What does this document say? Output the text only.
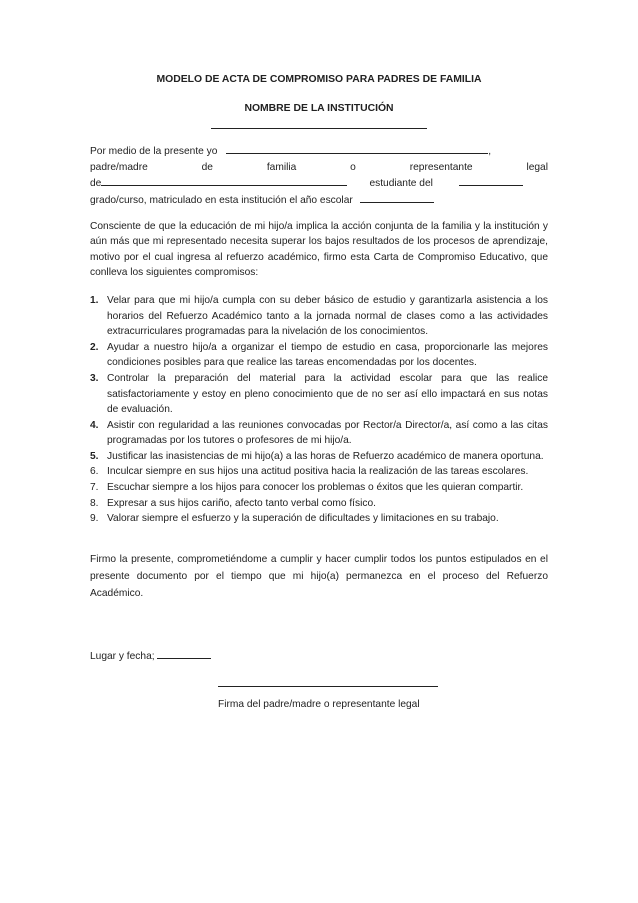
MODELO DE ACTA DE COMPROMISO PARA PADRES DE FAMILIA

NOMBRE DE LA INSTITUCIÓN

Por medio de la presente yo	,

padre/madre de familia o representante legal

de	estudiante del

grado/curso, matriculado en esta institución el año escolar

Consciente de que la educación de mi hijo/a implica la acción conjunta de la familia y la institución y aún más que mi representado necesita superar los bajos resultados de los procesos de aprendizaje, motivo por el cual ingresa al refuerzo académico, firmo esta Carta de Compromiso Educativo, que conlleva los siguientes compromisos:

1. Velar para que mi hijo/a cumpla con su deber básico de estudio y garantizarla asistencia a los horarios del Refuerzo Académico tanto a la jornada normal de clases como a las actividades extracurriculares programadas para la nivelación de los conocimientos.
2. Ayudar a nuestro hijo/a a organizar el tiempo de estudio en casa, proporcionarle las mejores condiciones posibles para que realice las tareas encomendadas por los docentes.
3. Controlar la preparación del material para la actividad escolar para que las realice satisfactoriamente y estoy en pleno conocimiento que de no ser así ello impactará en sus notas de evaluación.
4. Asistir con regularidad a las reuniones convocadas por Rector/a Director/a, así como a las citas programadas por los tutores o profesores de mi hijo/a.
5. Justificar las inasistencias de mi hijo(a) a las horas de Refuerzo académico de manera oportuna.
6. Inculcar siempre en sus hijos una actitud positiva hacia la realización de las tareas escolares.
7. Escuchar siempre a los hijos para conocer los problemas o éxitos que les quieran compartir.
8. Expresar a sus hijos cariño, afecto tanto verbal como físico.
9. Valorar siempre el esfuerzo y la superación de dificultades y limitaciones en su trabajo.

Firmo la presente, comprometiéndome a cumplir y hacer cumplir todos los puntos estipulados en el presente documento por el tiempo que mi hijo(a) permanezca en el proceso del Refuerzo Académico.

Lugar y fecha;

Firma del padre/madre o representante legal
